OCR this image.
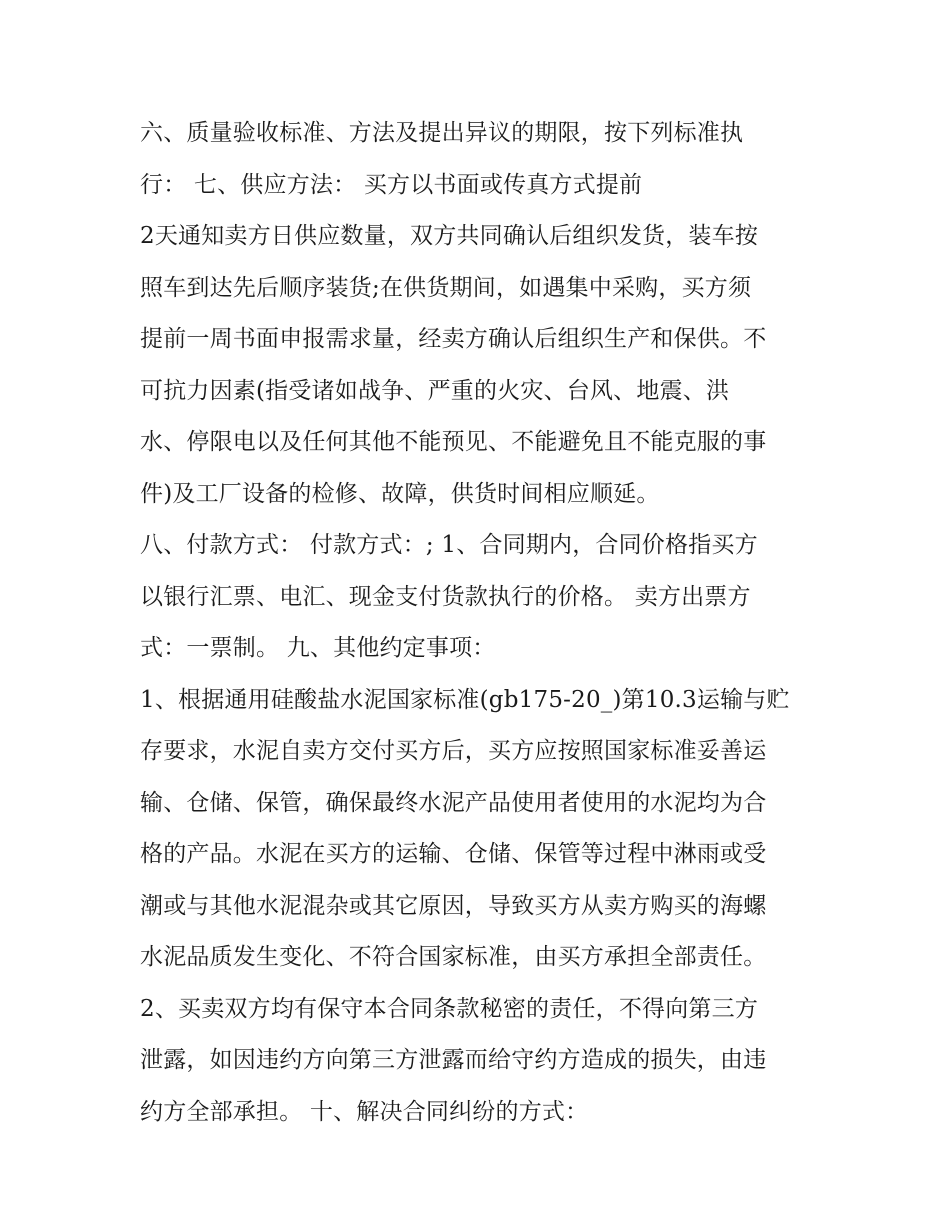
六、质量验收标准、方法及提出异议的期限，按下列标准执
行： 七、供应方法： 买方以书面或传真方式提前
2天通知卖方日供应数量，双方共同确认后组织发货，装车按
照车到达先后顺序装货;在供货期间，如遇集中采购，买方须
提前一周书面申报需求量，经卖方确认后组织生产和保供。不
可抗力因素(指受诸如战争、严重的火灾、台风、地震、洪
水、停限电以及任何其他不能预见、不能避免且不能克服的事
件)及工厂设备的检修、故障，供货时间相应顺延。
八、付款方式： 付款方式：; 1、合同期内，合同价格指买方
以银行汇票、电汇、现金支付货款执行的价格。 卖方出票方
式：一票制。 九、其他约定事项：
1、根据通用硅酸盐水泥国家标准(gb175-20_)第10.3运输与贮
存要求，水泥自卖方交付买方后，买方应按照国家标准妥善运
输、仓储、保管，确保最终水泥产品使用者使用的水泥均为合
格的产品。水泥在买方的运输、仓储、保管等过程中淋雨或受
潮或与其他水泥混杂或其它原因，导致买方从卖方购买的海螺
水泥品质发生变化、不符合国家标准，由买方承担全部责任。
2、买卖双方均有保守本合同条款秘密的责任，不得向第三方
泄露，如因违约方向第三方泄露而给守约方造成的损失，由违
约方全部承担。 十、解决合同纠纷的方式：
